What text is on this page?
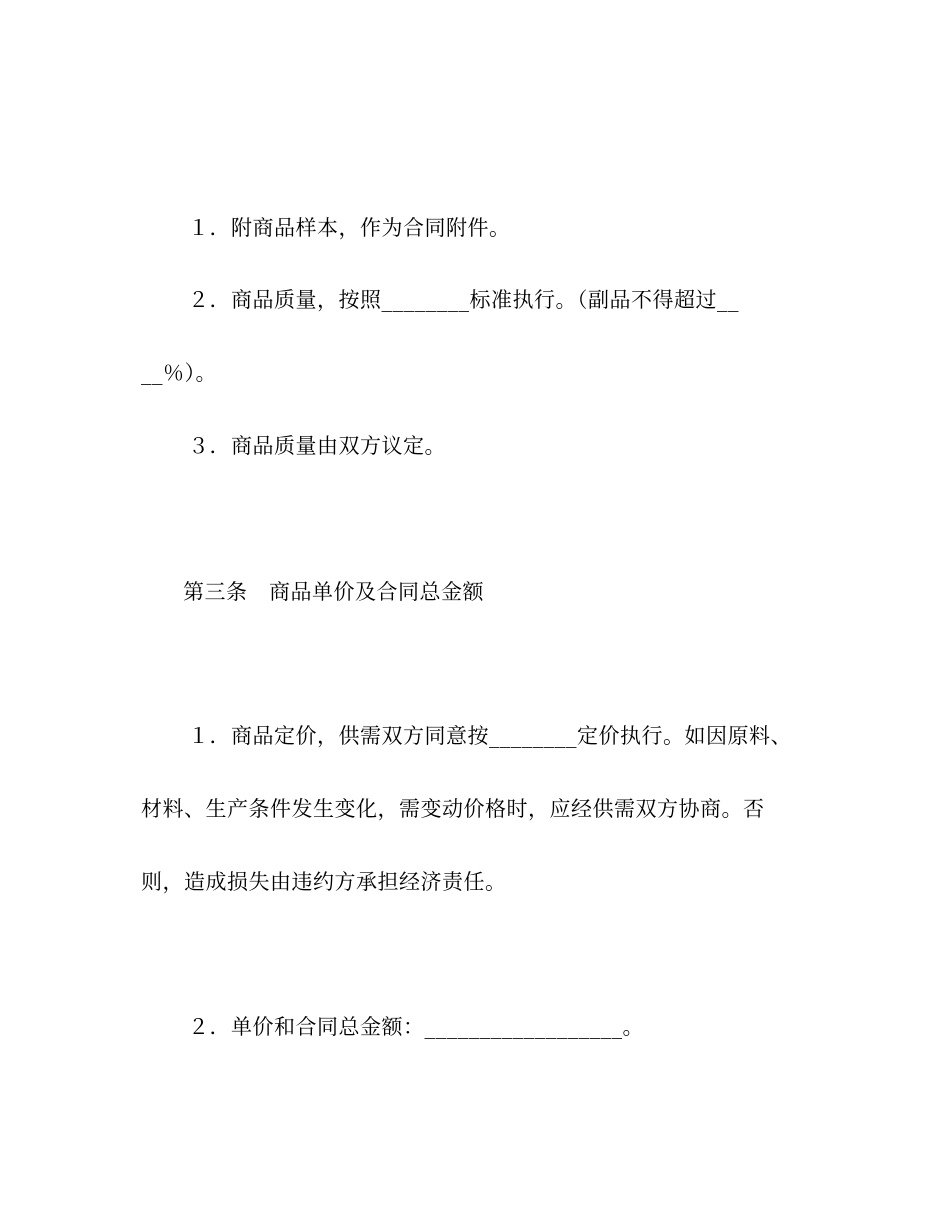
１．附商品样本，作为合同附件。
２．商品质量，按照________标准执行。（副品不得超过__
__％）。
３．商品质量由双方议定。
第三条　商品单价及合同总金额
１．商品定价，供需双方同意按________定价执行。如因原料、
材料、生产条件发生变化，需变动价格时，应经供需双方协商。否
则，造成损失由违约方承担经济责任。
２．单价和合同总金额：__________________。
